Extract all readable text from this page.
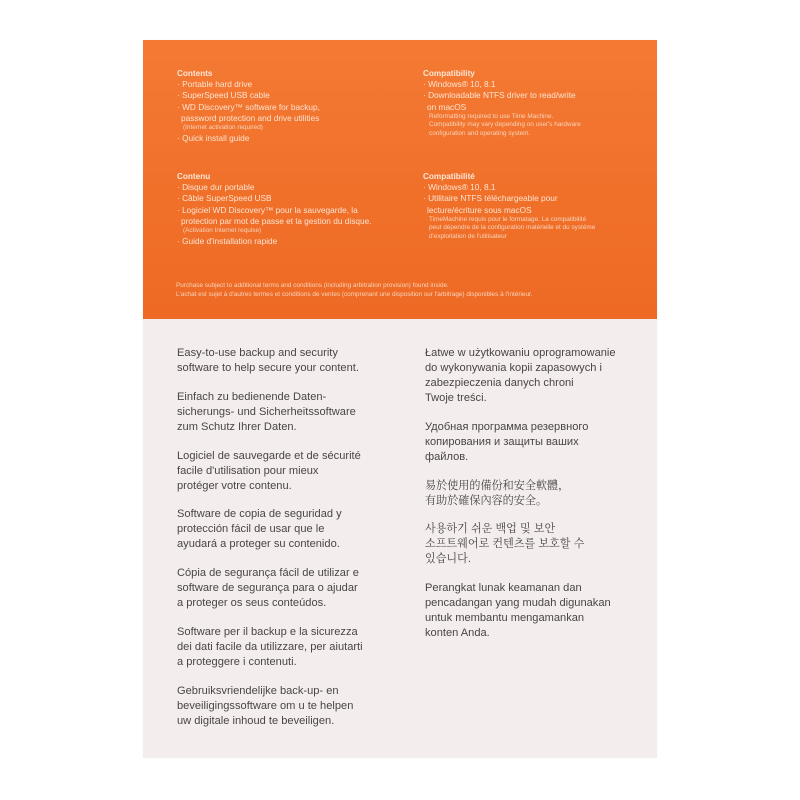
Contents
· Portable hard drive
· SuperSpeed USB cable
· WD Discovery™ software for backup,
password protection and drive utilities
(Internet activation required)
· Quick install guide
Compatibility
· Windows® 10, 8.1
· Downloadable NTFS driver to read/write
on macOS
Reformatting required to use Time Machine.
Compatibility may vary depending on user's hardware
configuration and operating system.
Contenu
· Disque dur portable
· Câble SuperSpeed USB
· Logiciel WD Discovery™ pour la sauvegarde, la
protection par mot de passe et la gestion du disque.
(Activation Internet requise)
· Guide d'installation rapide
Compatibilité
· Windows® 10, 8.1
· Utilitaire NTFS téléchargeable pour
lecture/écriture sous macOS
TimeMachine requis pour le formatage. La compatibilité
peut dépendre de la configuration matérielle et du système
d'exploitation de l'utilisateur
Purchase subject to additional terms and conditions (including arbitration provision) found inside.
L'achat est sujet à d'autres termes et conditions de ventes (comprenant une disposition sur l'arbitrage) disponibles à l'intérieur.
Easy-to-use backup and security
software to help secure your content.
Einfach zu bedienende Daten-
sicherungs- und Sicherheitssoftware
zum Schutz Ihrer Daten.
Logiciel de sauvegarde et de sécurité
facile d'utilisation pour mieux
protéger votre contenu.
Software de copia de seguridad y
protección fácil de usar que le
ayudará a proteger su contenido.
Cópia de segurança fácil de utilizar e
software de segurança para o ajudar
a proteger os seus conteúdos.
Software per il backup e la sicurezza
dei dati facile da utilizzare, per aiutarti
a proteggere i contenuti.
Gebruiksvriendelijke back-up- en
beveiligingssoftware om u te helpen
uw digitale inhoud te beveiligen.
Łatwe w użytkowaniu oprogramowanie
do wykonywania kopii zapasowych i
zabezpieczenia danych chroni
Twoje treści.
Удобная программа резервного
копирования и защиты ваших
файлов.
易於使用的備份和安全軟體，
有助於確保內容的安全。
사용하기 쉬운 백업 및 보안
소프트웨어로 컨텐츠를 보호할 수
있습니다.
Perangkat lunak keamanan dan
pencadangan yang mudah digunakan
untuk membantu mengamankan
konten Anda.
